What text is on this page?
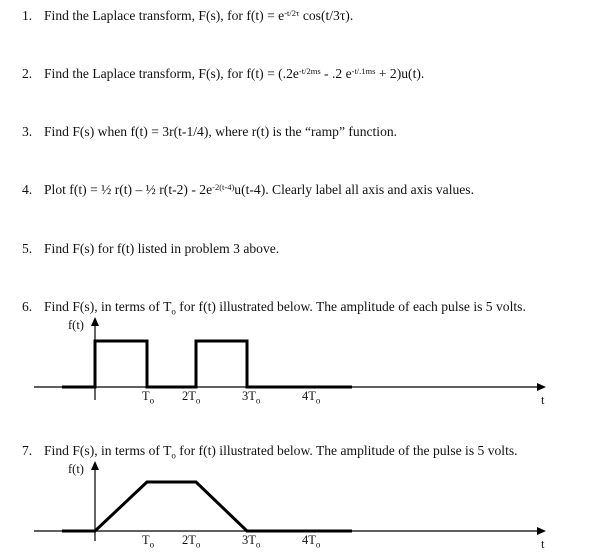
1. Find the Laplace transform, F(s), for $f(t) = e^{-t/2\tau}$ cos(t/3τ).
2. Find the Laplace transform, F(s), for $f(t) = (.2e^{-t/2ms} - .2$ $e^{-t/.1ms} + 2)u(t)$.
3. Find F(s) when f(t) = 3r(t-1/4), where r(t) is the “ramp” function.
4. Plot f(t) = ½ r(t) – ½ $r(t-2) - 2e^{-2(t-4)}u(t-4)$. Clearly label all axis and axis values.
5. Find F(s) for f(t) listed in problem 3 above.
6. Find F(s), in terms of $T_o$ for f(t) illustrated below. The amplitude of each pulse is 5 volts.
f(t)
t
$T_o$ $2T_o$	$3T_o$	$4T_o$
7. Find F(s), in terms of $T_o$ for f(t) illustrated below. The amplitude of the pulse is 5 volts.
f(t)
t
$T_o$ $2T_o$	$3T_o$	$4T_o$
